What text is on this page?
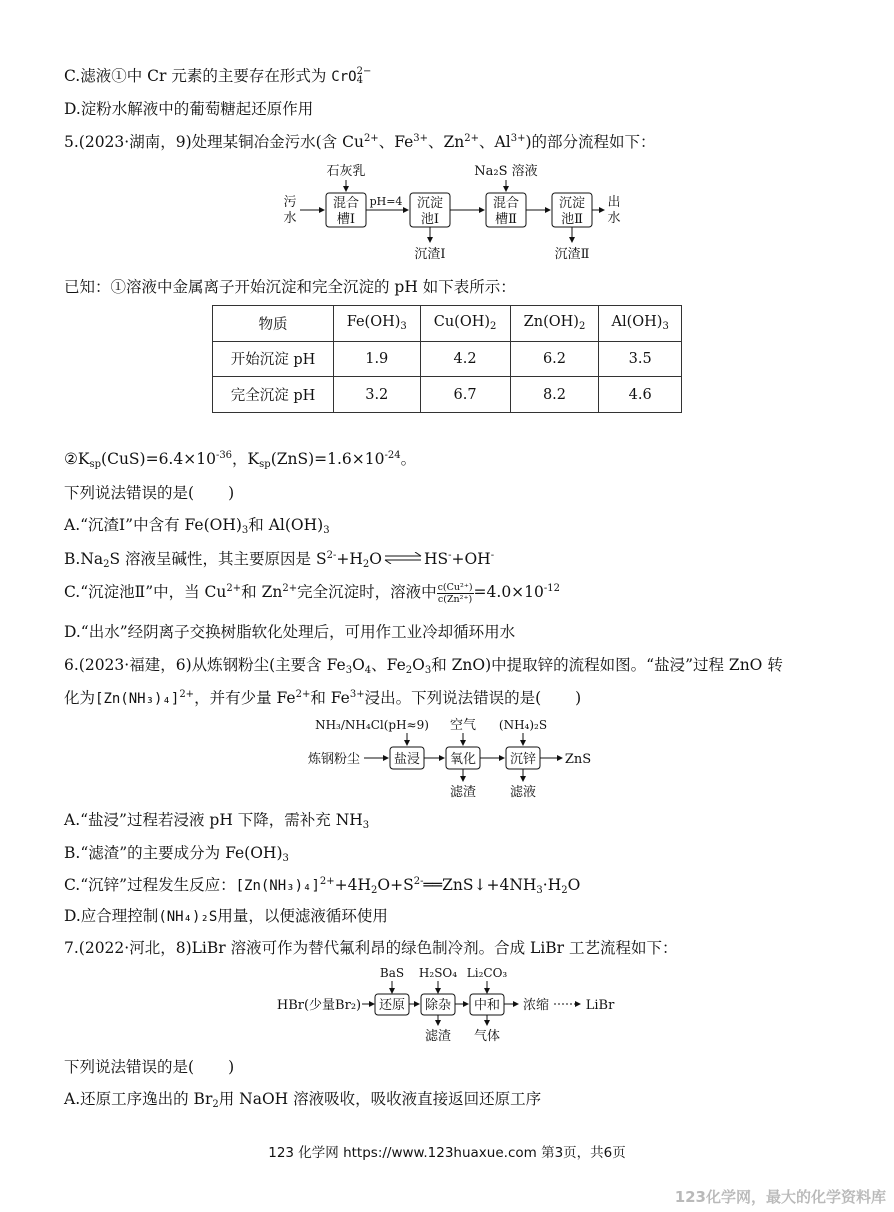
C.滤液①中 Cr 元素的主要存在形式为 CrO 2−
4
D.淀粉水解液中的葡萄糖起还原作用
5.(2023·湖南，9)处理某铜冶金污水(含 $Cu^{2+}$、$Fe^{3+}$、$Zn^{2+}$、$Al^{3+}$)的部分流程如下：
石灰乳	Na₂S 溶液
污
水
混合
槽Ⅰ
pH=4 沉淀
池Ⅰ
混合
槽Ⅱ
沉淀
池Ⅱ
出
水
沉渣Ⅰ	沉渣Ⅱ
已知：①溶液中金属离子开始沉淀和完全沉淀的 pH 如下表所示：
物质	$Fe(OH)_3$	$Cu(OH)_2$	$Zn(OH)_2$	$Al(OH)_3$
开始沉淀 pH	1.9	4.2	6.2	3.5
完全沉淀 pH	3.2	6.7	8.2	4.6
$②K_{sp}(CuS)=6.4\times 10^{-36}$，$K_{sp}(ZnS)=1.6\times 10^{-24}$。
下列说法错误的是( )
A.“沉渣Ⅰ”中含有 $Fe(OH)_3$和 $Al(OH)_3$
$B.Na_2S$ 溶液呈碱性，其主要原因是 $S^{2-}+H_2O\rightleftharpoons HS^-+OH^-$
C.“沉淀池Ⅱ”中，当 $Cu^{2+}$和 $Zn^{2+}$完全沉淀时，溶液中 $\frac{\text{c(Cu²⁺)}}{\text{c(Zn²⁺)}} =4.0\times 10^{-12}$
D.“出水”经阴离子交换树脂软化处理后，可用作工业冷却循环用水
6.(2023·福建，6)从炼钢粉尘(主要含 $Fe_3O_4$、$Fe_2O_3$和 ZnO)中提取锌的流程如图。“盐浸”过程 ZnO 转
化为$[Zn(NH_3)_4]^{2+}$，并有少量 $Fe^{2+}$和 $Fe^{3+}$浸出。下列说法错误的是( )
NH₃/NH₄Cl(pH≈9) 空气 (NH₄)₂S
炼钢粉尘	盐浸 氧化	沉锌 ZnS
滤渣	滤液
A.“盐浸”过程若浸液 pH 下降，需补充 $NH_3$
B.“滤渣”的主要成分为 $Fe(OH)_3$
C.“沉锌”过程发生反应：$[Zn(NH_3)_4]^{2+}+4H_2O+S^{2-}══ZnS↓+4NH_3\cdot H_2O$
D.应合理控制(NH₄)₂S用量，以便滤液循环使用
7.(2022·河北，8)LiBr 溶液可作为替代氟利昂的绿色制冷剂。合成 LiBr 工艺流程如下：
BaS H₂SO₄ Li₂CO₃
HBr(少量Br₂) 还原 除杂 中和 浓缩	LiBr
滤渣 气体
下列说法错误的是( )
A.还原工序逸出的 $Br_2$用 NaOH 溶液吸收，吸收液直接返回还原工序
123 化学网 https://www.123huaxue.com 第3页，共6页
123化学网，最大的化学资料库
